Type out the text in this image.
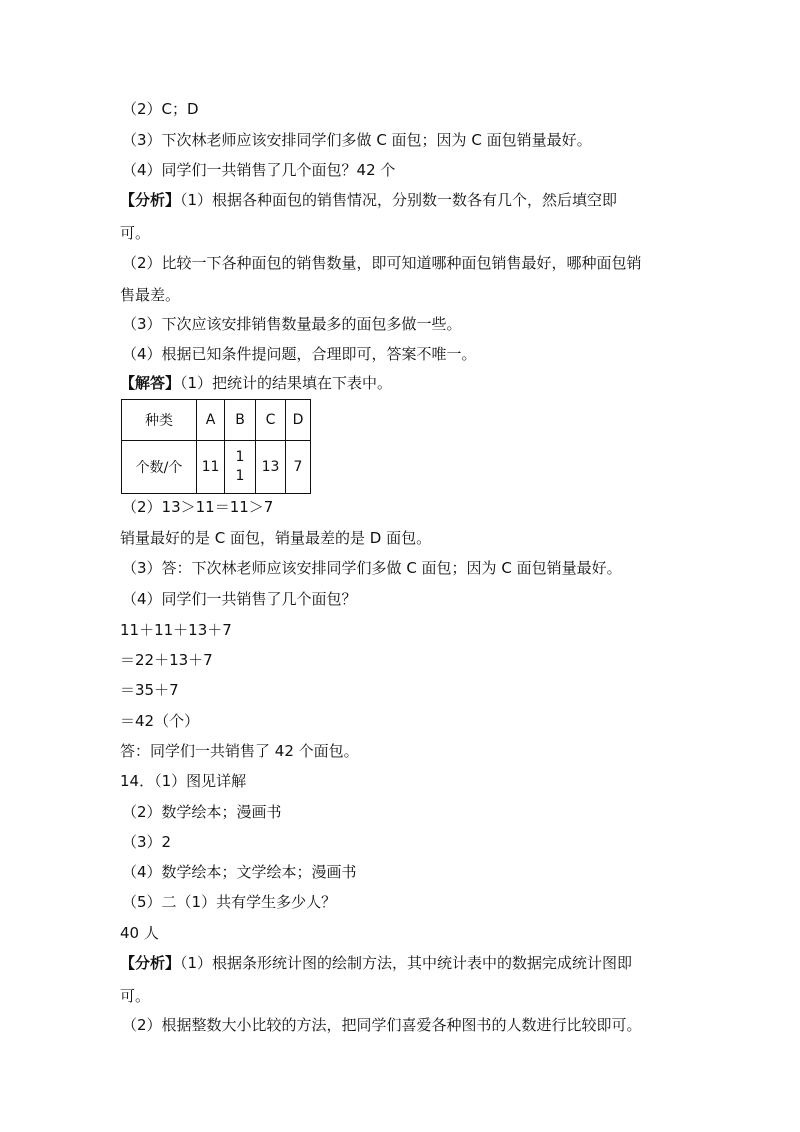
（2）C；D
（3）下次林老师应该安排同学们多做 C 面包；因为 C 面包销量最好。
（4）同学们一共销售了几个面包？42 个
【分析】（1）根据各种面包的销售情况，分别数一数各有几个，然后填空即
可。
（2）比较一下各种面包的销售数量，即可知道哪种面包销售最好，哪种面包销
售最差。
（3）下次应该安排销售数量最多的面包多做一些。
（4）根据已知条件提问题，合理即可，答案不唯一。
【解答】（1）把统计的结果填在下表中。
种类	A	B	C	D
个数/个	11	11	13	7
（2）13＞11＝11＞7
销量最好的是 C 面包，销量最差的是 D 面包。
（3）答：下次林老师应该安排同学们多做 C 面包；因为 C 面包销量最好。
（4）同学们一共销售了几个面包？
11＋11＋13＋7
＝22＋13＋7
＝35＋7
＝42（个）
答：同学们一共销售了 42 个面包。
14．（1）图见详解
（2）数学绘本；漫画书
（3）2
（4）数学绘本；文学绘本；漫画书
（5）二（1）共有学生多少人？
40 人
【分析】（1）根据条形统计图的绘制方法，其中统计表中的数据完成统计图即
可。
（2）根据整数大小比较的方法，把同学们喜爱各种图书的人数进行比较即可。
